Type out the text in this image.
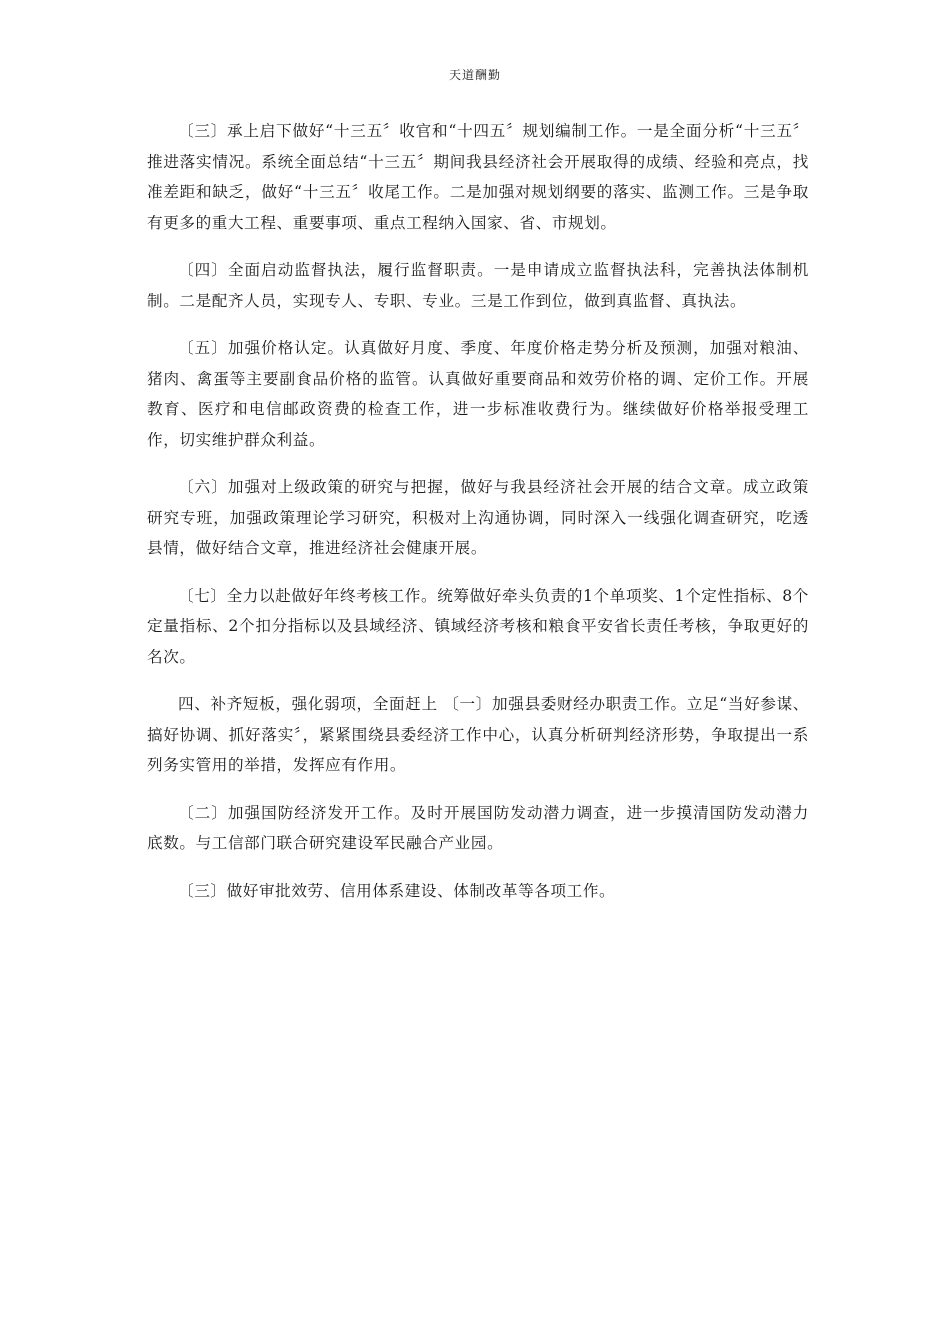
天道酬勤

〔三〕承上启下做好“十三五〞收官和“十四五〞规划编制工作。一是全面分析“十三五〞推进落实情况。系统全面总结“十三五〞期间我县经济社会开展取得的成绩、经验和亮点，找准差距和缺乏，做好“十三五〞收尾工作。二是加强对规划纲要的落实、监测工作。三是争取有更多的重大工程、重要事项、重点工程纳入国家、省、市规划。

〔四〕全面启动监督执法，履行监督职责。一是申请成立监督执法科，完善执法体制机制。二是配齐人员，实现专人、专职、专业。三是工作到位，做到真监督、真执法。

〔五〕加强价格认定。认真做好月度、季度、年度价格走势分析及预测，加强对粮油、猪肉、禽蛋等主要副食品价格的监管。认真做好重要商品和效劳价格的调、定价工作。开展教育、医疗和电信邮政资费的检查工作，进一步标准收费行为。继续做好价格举报受理工作，切实维护群众利益。

〔六〕加强对上级政策的研究与把握，做好与我县经济社会开展的结合文章。成立政策研究专班，加强政策理论学习研究，积极对上沟通协调，同时深入一线强化调查研究，吃透县情，做好结合文章，推进经济社会健康开展。

〔七〕全力以赴做好年终考核工作。统筹做好牵头负责的1个单项奖、1个定性指标、8个定量指标、2个扣分指标以及县域经济、镇域经济考核和粮食平安省长责任考核，争取更好的名次。

四、补齐短板，强化弱项，全面赶上 〔一〕加强县委财经办职责工作。立足“当好参谋、搞好协调、抓好落实〞，紧紧围绕县委经济工作中心，认真分析研判经济形势，争取提出一系列务实管用的举措，发挥应有作用。

〔二〕加强国防经济发开工作。及时开展国防发动潜力调查，进一步摸清国防发动潜力底数。与工信部门联合研究建设军民融合产业园。

〔三〕做好审批效劳、信用体系建设、体制改革等各项工作。
